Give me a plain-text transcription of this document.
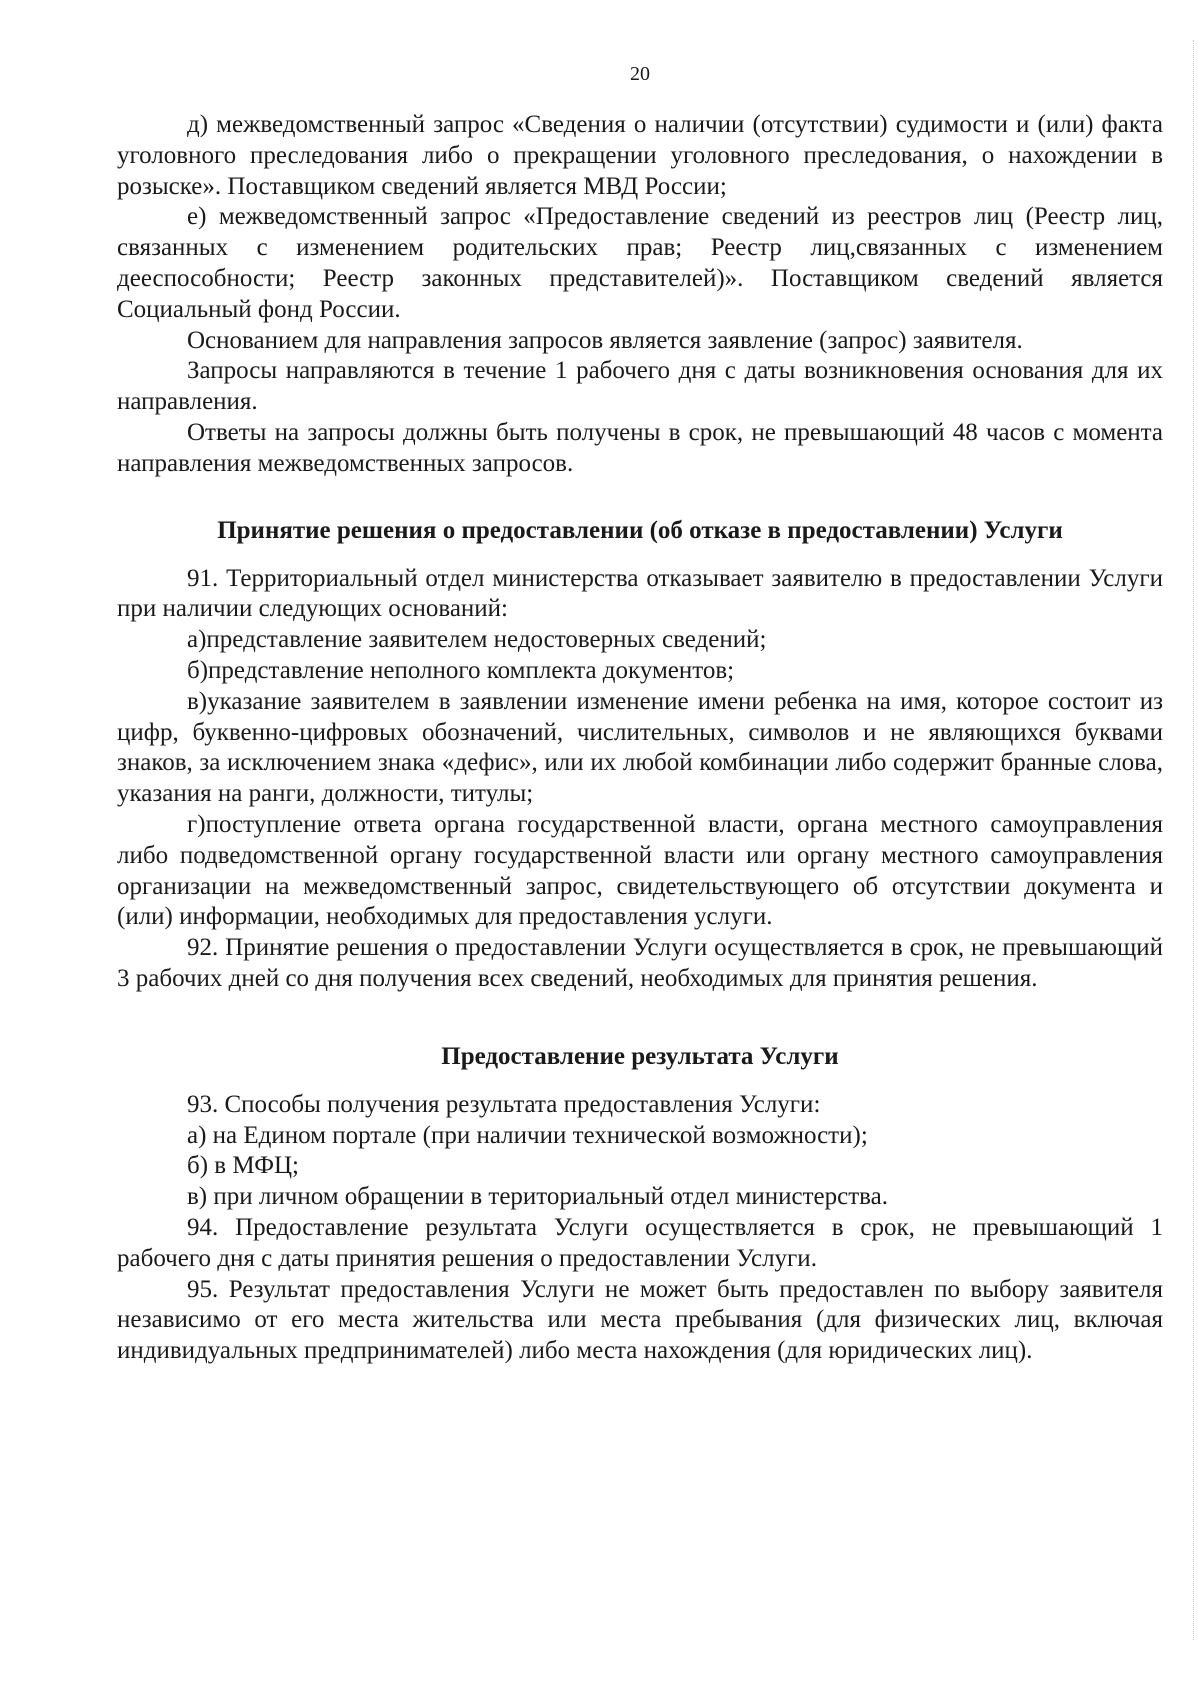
20

д) межведомственный запрос «Сведения о наличии (отсутствии) судимости и (или) факта уголовного преследования либо о прекращении уголовного преследования, о нахождении в розыске». Поставщиком сведений является МВД России;

е) межведомственный запрос «Предоставление сведений из реестров лиц (Реестр лиц, связанных с изменением родительских прав; Реестр лиц,связанных с изменением дееспособности; Реестр законных представителей)». Поставщиком сведений является Социальный фонд России.

Основанием для направления запросов является заявление (запрос) заявителя.

Запросы направляются в течение 1 рабочего дня с даты возникновения основания для их направления.

Ответы на запросы должны быть получены в срок, не превышающий 48 часов с момента направления межведомственных запросов.

Принятие решения о предоставлении (об отказе в предоставлении) Услуги

91. Территориальный отдел министерства отказывает заявителю в предоставлении Услуги при наличии следующих оснований:

а)представление заявителем недостоверных сведений;

б)представление неполного комплекта документов;

в)указание заявителем в заявлении изменение имени ребенка на имя, которое состоит из цифр, буквенно-цифровых обозначений, числительных, символов и не являющихся буквами знаков, за исключением знака «дефис», или их любой комбинации либо содержит бранные слова, указания на ранги, должности, титулы;

г)поступление ответа органа государственной власти, органа местного самоуправления либо подведомственной органу государственной власти или органу местного самоуправления организации на межведомственный запрос, свидетельствующего об отсутствии документа и (или) информации, необходимых для предоставления услуги.

92. Принятие решения о предоставлении Услуги осуществляется в срок, не превышающий 3 рабочих дней со дня получения всех сведений, необходимых для принятия решения.

Предоставление результата Услуги

93. Способы получения результата предоставления Услуги:

а) на Едином портале (при наличии технической возможности);

б) в МФЦ;

в) при личном обращении в териториальный отдел министерства.

94. Предоставление результата Услуги осуществляется в срок, не превышающий 1 рабочего дня с даты принятия решения о предоставлении Услуги.

95. Результат предоставления Услуги не может быть предоставлен по выбору заявителя независимо от его места жительства или места пребывания (для физических лиц, включая индивидуальных предпринимателей) либо места нахождения (для юридических лиц).
